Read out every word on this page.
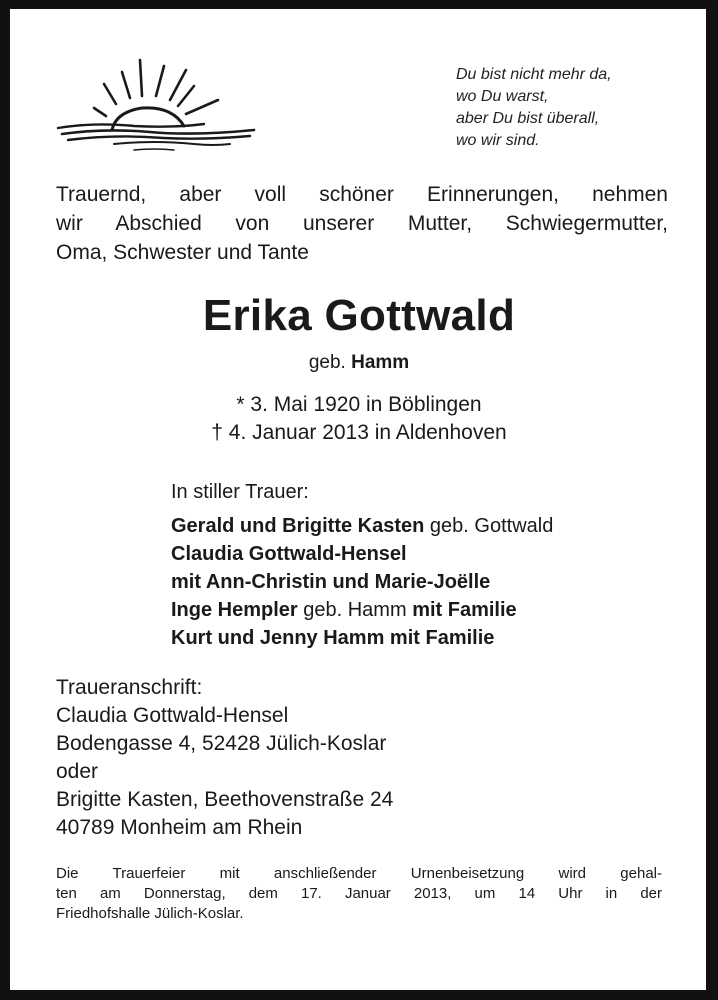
Du bist nicht mehr da,
wo Du warst,
aber Du bist überall,
wo wir sind.
Trauernd, aber voll schöner Erinnerungen, nehmen
wir Abschied von unserer Mutter, Schwiegermutter,
Oma, Schwester und Tante
Erika Gottwald
geb. Hamm
* 3. Mai 1920 in Böblingen
† 4. Januar 2013 in Aldenhoven
In stiller Trauer:
Gerald und Brigitte Kasten geb. Gottwald
Claudia Gottwald-Hensel
mit Ann-Christin und Marie-Joëlle
Inge Hempler geb. Hamm mit Familie
Kurt und Jenny Hamm mit Familie
Traueranschrift:
Claudia Gottwald-Hensel
Bodengasse 4, 52428 Jülich-Koslar
oder
Brigitte Kasten, Beethovenstraße 24
40789 Monheim am Rhein
Die Trauerfeier mit anschließender Urnenbeisetzung wird gehal-
ten am Donnerstag, dem 17. Januar 2013, um 14 Uhr in der
Friedhofshalle Jülich-Koslar.
